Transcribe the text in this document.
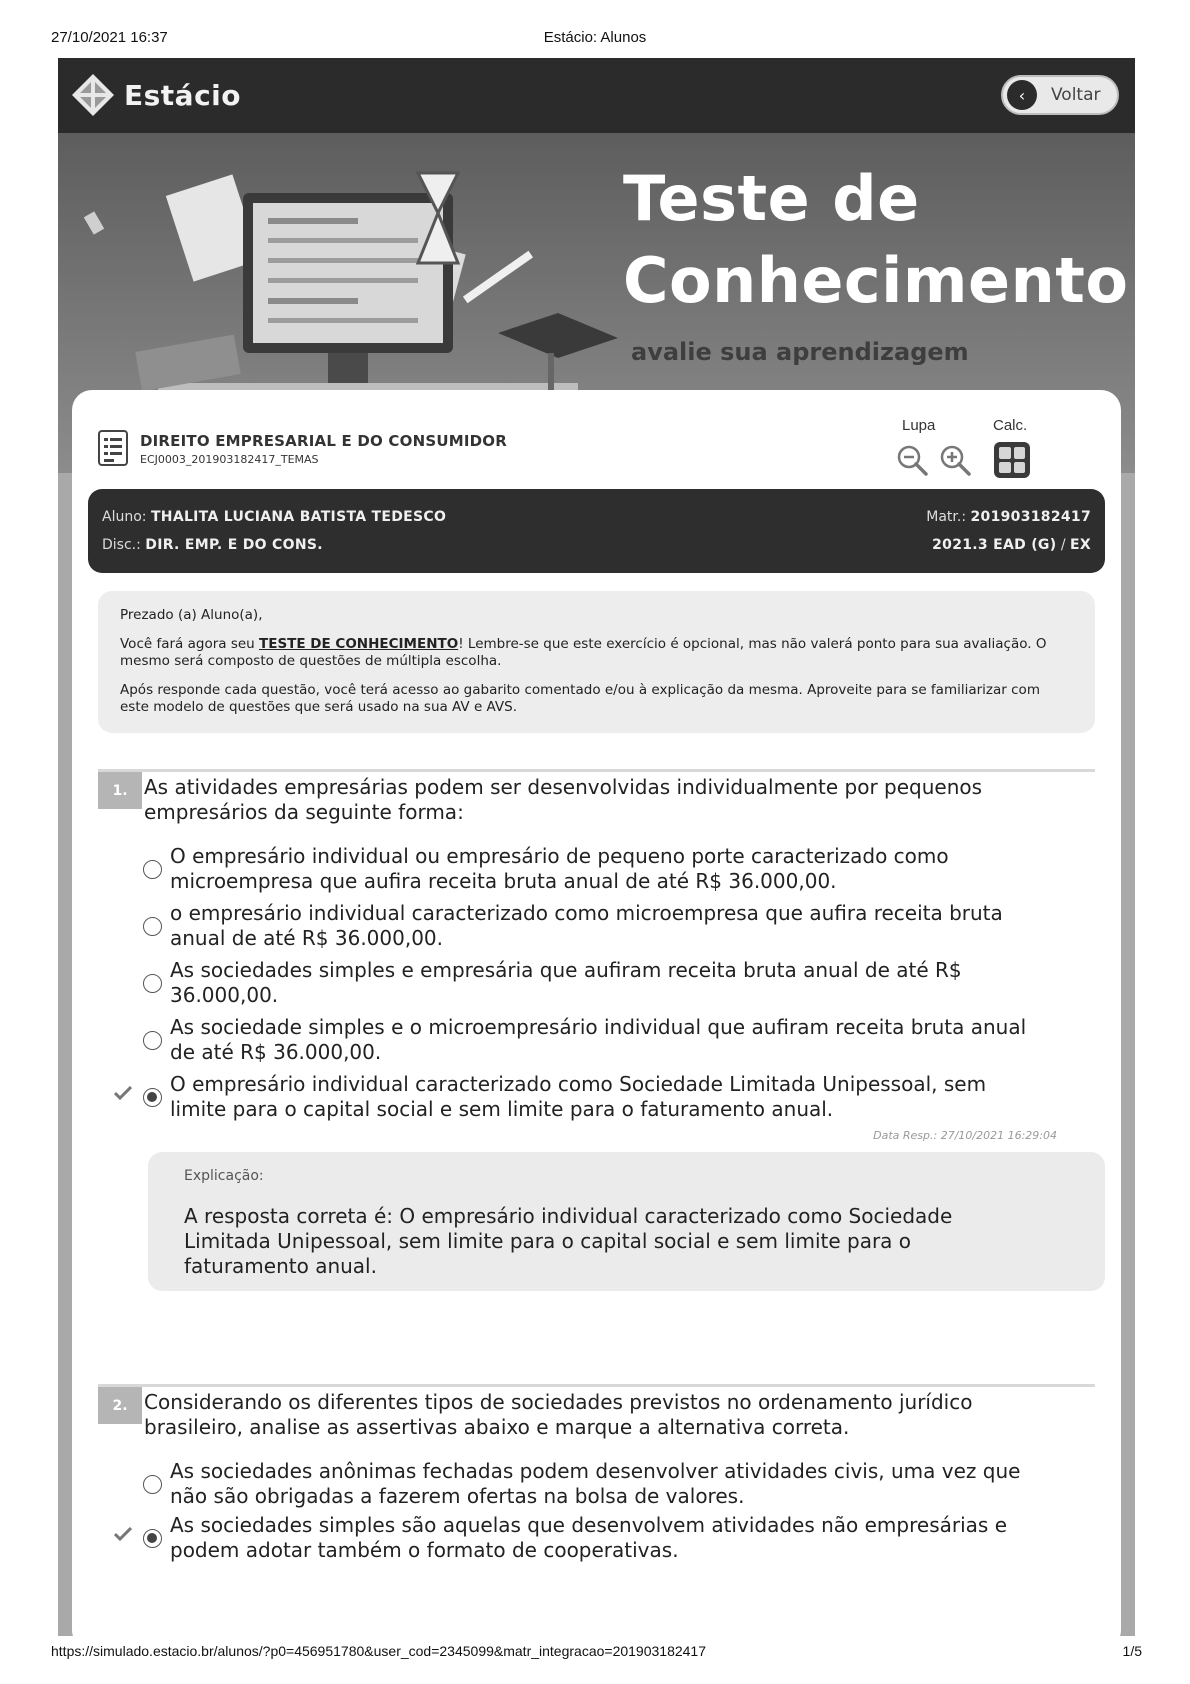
27/10/2021 16:37	Estácio: Alunos
Estácio	‹	Voltar
Teste de
Conhecimento
avalie sua aprendizagem
DIREITO EMPRESARIAL E DO CONSUMIDOR
ECJ0003_201903182417_TEMAS
Lupa	Calc.
Aluno: THALITA LUCIANA BATISTA TEDESCO	Matr.: 201903182417
Disc.: DIR. EMP. E DO CONS.	2021.3 EAD (G) / EX

Prezado (a) Aluno(a),

Você fará agora seu TESTE DE CONHECIMENTO! Lembre-se que este exercício é opcional, mas não valerá ponto para sua avaliação. O mesmo será composto de questões de múltipla escolha.

Após responde cada questão, você terá acesso ao gabarito comentado e/ou à explicação da mesma. Aproveite para se familiarizar com este modelo de questões que será usado na sua AV e AVS.

1. As atividades empresárias podem ser desenvolvidas individualmente por pequenos empresários da seguinte forma:
O empresário individual ou empresário de pequeno porte caracterizado como microempresa que aufira receita bruta anual de até R$ 36.000,00.
o empresário individual caracterizado como microempresa que aufira receita bruta anual de até R$ 36.000,00.
As sociedades simples e empresária que aufiram receita bruta anual de até R$ 36.000,00.
As sociedade simples e o microempresário individual que aufiram receita bruta anual de até R$ 36.000,00.
O empresário individual caracterizado como Sociedade Limitada Unipessoal, sem limite para o capital social e sem limite para o faturamento anual.
Data Resp.: 27/10/2021 16:29:04
Explicação:
A resposta correta é: O empresário individual caracterizado como Sociedade Limitada Unipessoal, sem limite para o capital social e sem limite para o faturamento anual.
2. Considerando os diferentes tipos de sociedades previstos no ordenamento jurídico brasileiro, analise as assertivas abaixo e marque a alternativa correta.
As sociedades anônimas fechadas podem desenvolver atividades civis, uma vez que não são obrigadas a fazerem ofertas na bolsa de valores.
As sociedades simples são aquelas que desenvolvem atividades não empresárias e podem adotar também o formato de cooperativas.
https://simulado.estacio.br/alunos/?p0=456951780&user_cod=2345099&matr_integracao=201903182417	1/5
